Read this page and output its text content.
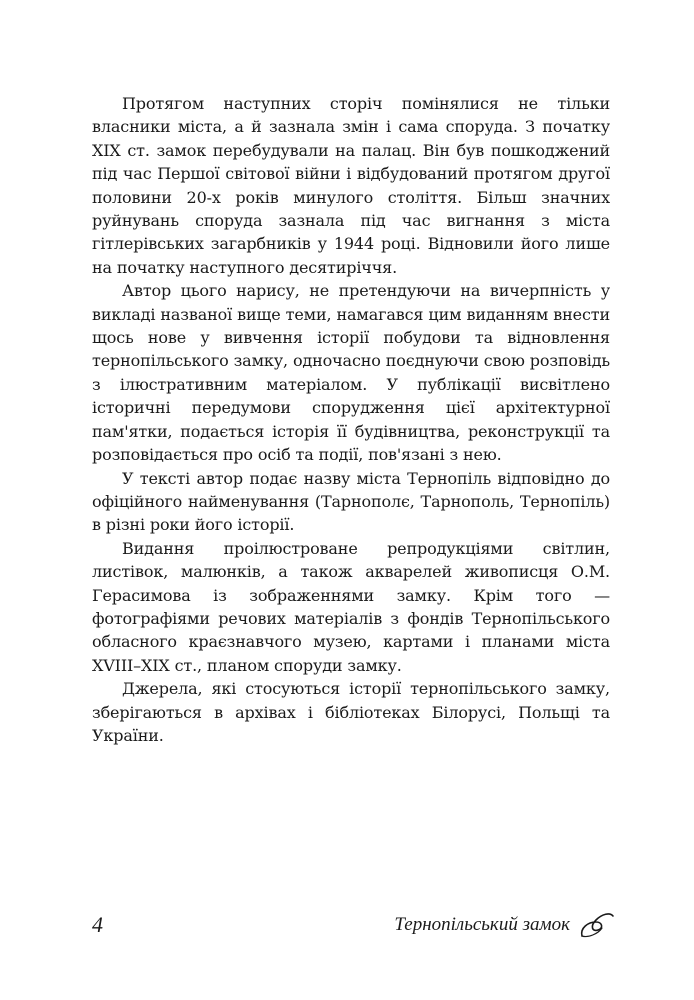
Протягом наступних сторіч помінялися не тільки власники міста, а й зазнала змін і сама споруда. З початку XIX ст. замок перебудували на палац. Він був пошкоджений під час Першої світової війни і відбудований протягом другої половини 20-х років минулого століття. Більш значних руйнувань споруда зазнала під час вигнання з міста гітлерівських загарбників у 1944 році. Відновили його лише на початку наступного десятиріччя.

Автор цього нарису, не претендуючи на вичерпність у викладі названої вище теми, намагався цим виданням внести щось нове у вивчення історії побудови та відновлення тернопільського замку, одночасно поєднуючи свою розповідь з ілюстративним матеріалом. У публікації висвітлено історичні передумови спорудження цієї архітектурної пам'ятки, подається історія її будівництва, реконструкції та розповідається про осіб та події, пов'язані з нею.

У тексті автор подає назву міста Тернопіль відповідно до офіційного найменування (Тарнополє, Тарнополь, Тернопіль) в різні роки його історії.

Видання проілюстроване репродукціями світлин, листівок, малюнків, а також акварелей живописця О.М. Герасимова із зображеннями замку. Крім того — фотографіями речових матеріалів з фондів Тернопільського обласного краєзнавчого музею, картами і планами міста XVIII–XIX ст., планом споруди замку.

Джерела, які стосуються історії тернопільського замку, зберігаються в архівах і бібліотеках Білорусі, Польщі та України.

4	Тернопільський замок
